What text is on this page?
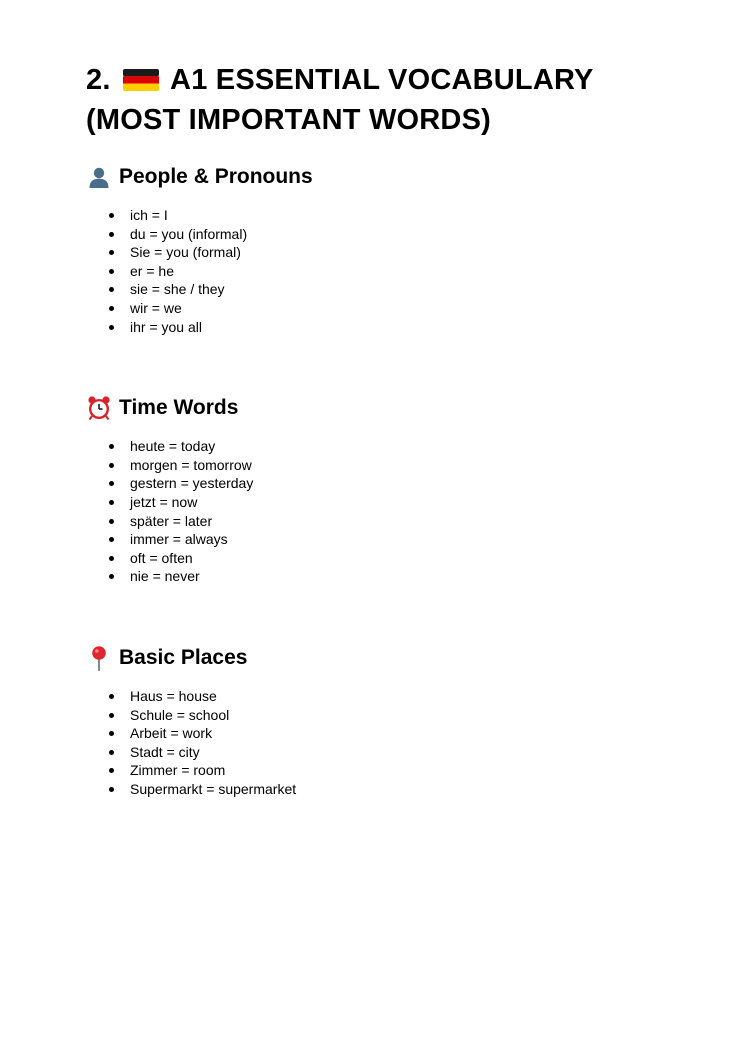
2. A1 ESSENTIAL VOCABULARY
(MOST IMPORTANT WORDS)
People & Pronouns
ich = I
du = you (informal)
Sie = you (formal)
er = he
sie = she / they
wir = we
ihr = you all
Time Words
heute = today
morgen = tomorrow
gestern = yesterday
jetzt = now
später = later
immer = always
oft = often
nie = never
Basic Places
Haus = house
Schule = school
Arbeit = work
Stadt = city
Zimmer = room
Supermarkt = supermarket
